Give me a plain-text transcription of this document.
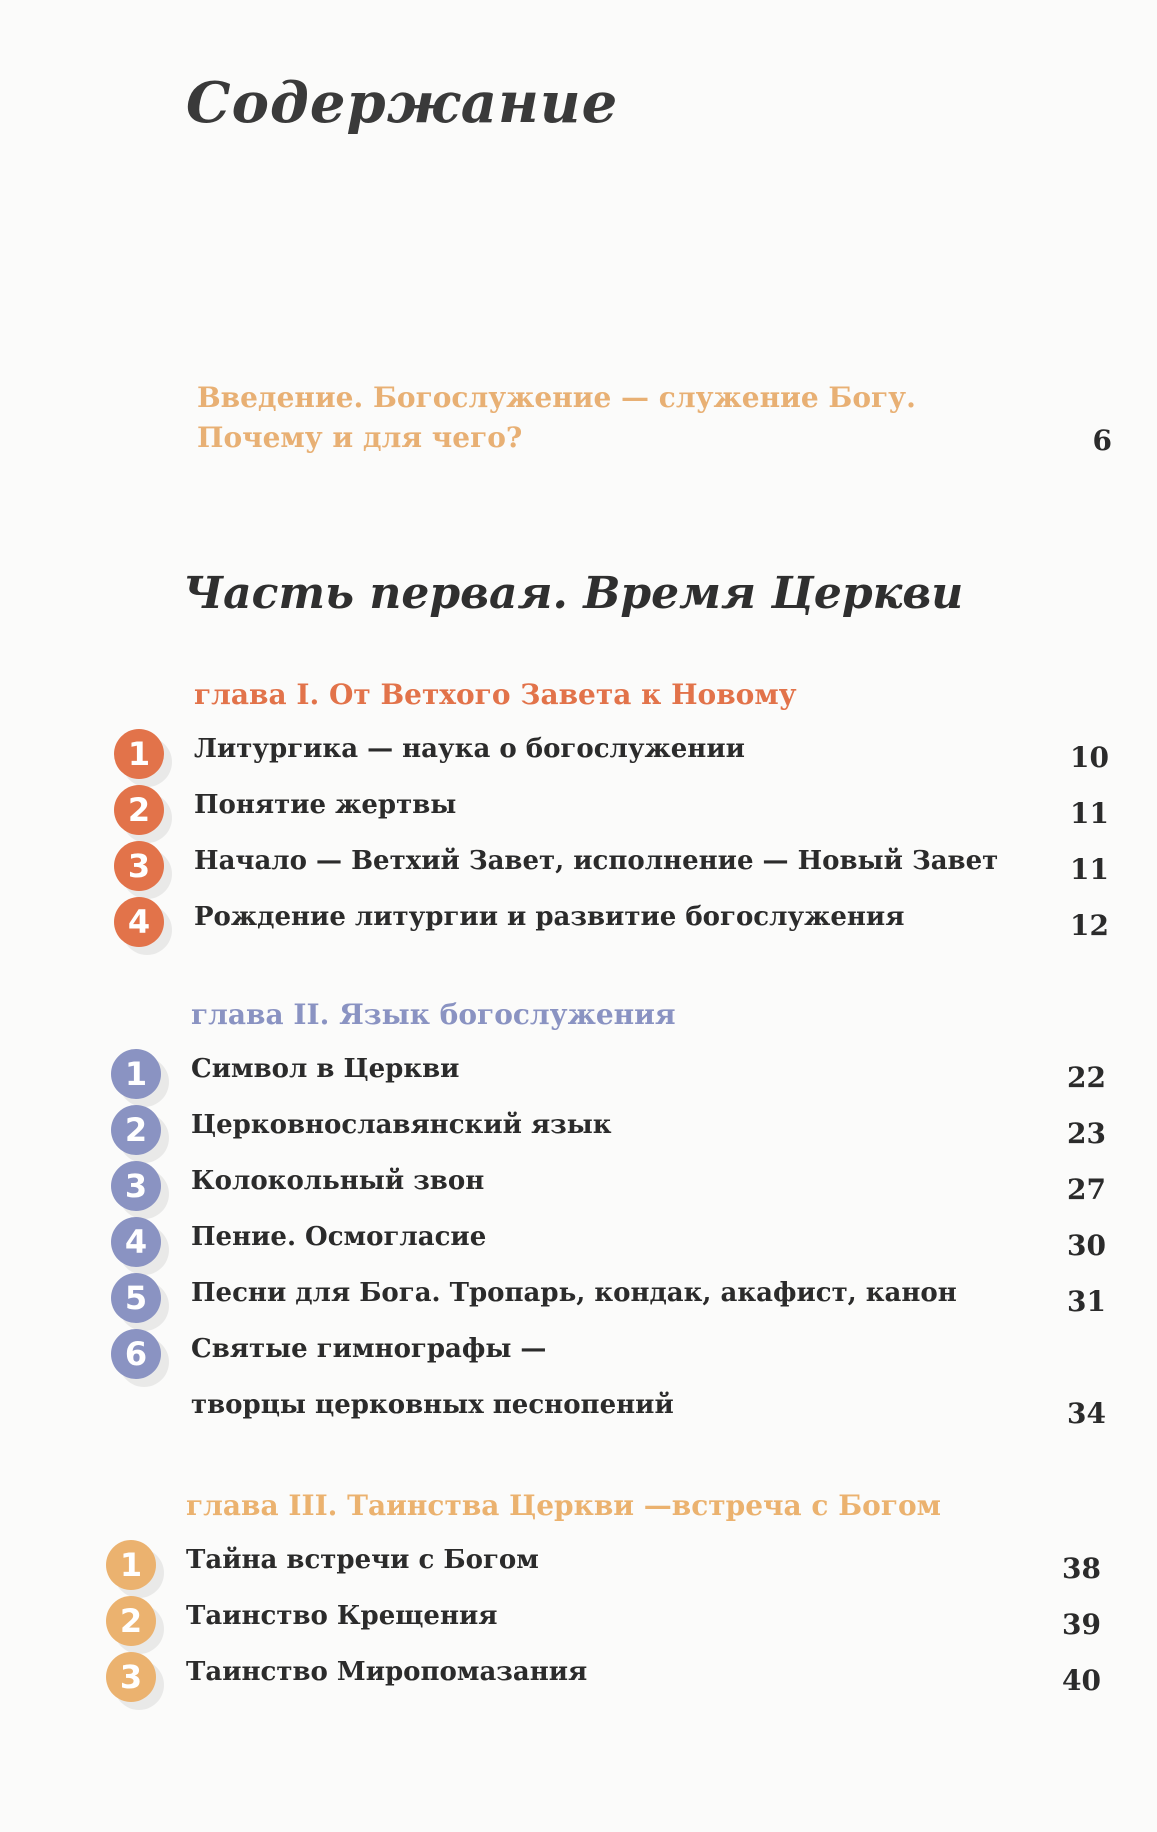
Содержание
Введение. Богослужение — служение Богу.
Почему и для чего?	6
Часть первая. Время Церкви
глава I. От Ветхого Завета к Новому
1	Литургика — наука о богослужении	10
2	Понятие жертвы	11
3	Начало — Ветхий Завет, исполнение — Новый Завет	11
4	Рождение литургии и развитие богослужения	12
глава II. Язык богослужения
1	Символ в Церкви	22
2	Церковнославянский язык	23
3	Колокольный звон	27
4	Пение. Осмогласие	30
5	Песни для Бога. Тропарь, кондак, акафист, канон	31
6	Святые гимнографы —
творцы церковных песнопений	34
глава III. Таинства Церкви —встреча с Богом
1	Тайна встречи с Богом	38
2	Таинство Крещения	39
3	Таинство Миропомазания	40
